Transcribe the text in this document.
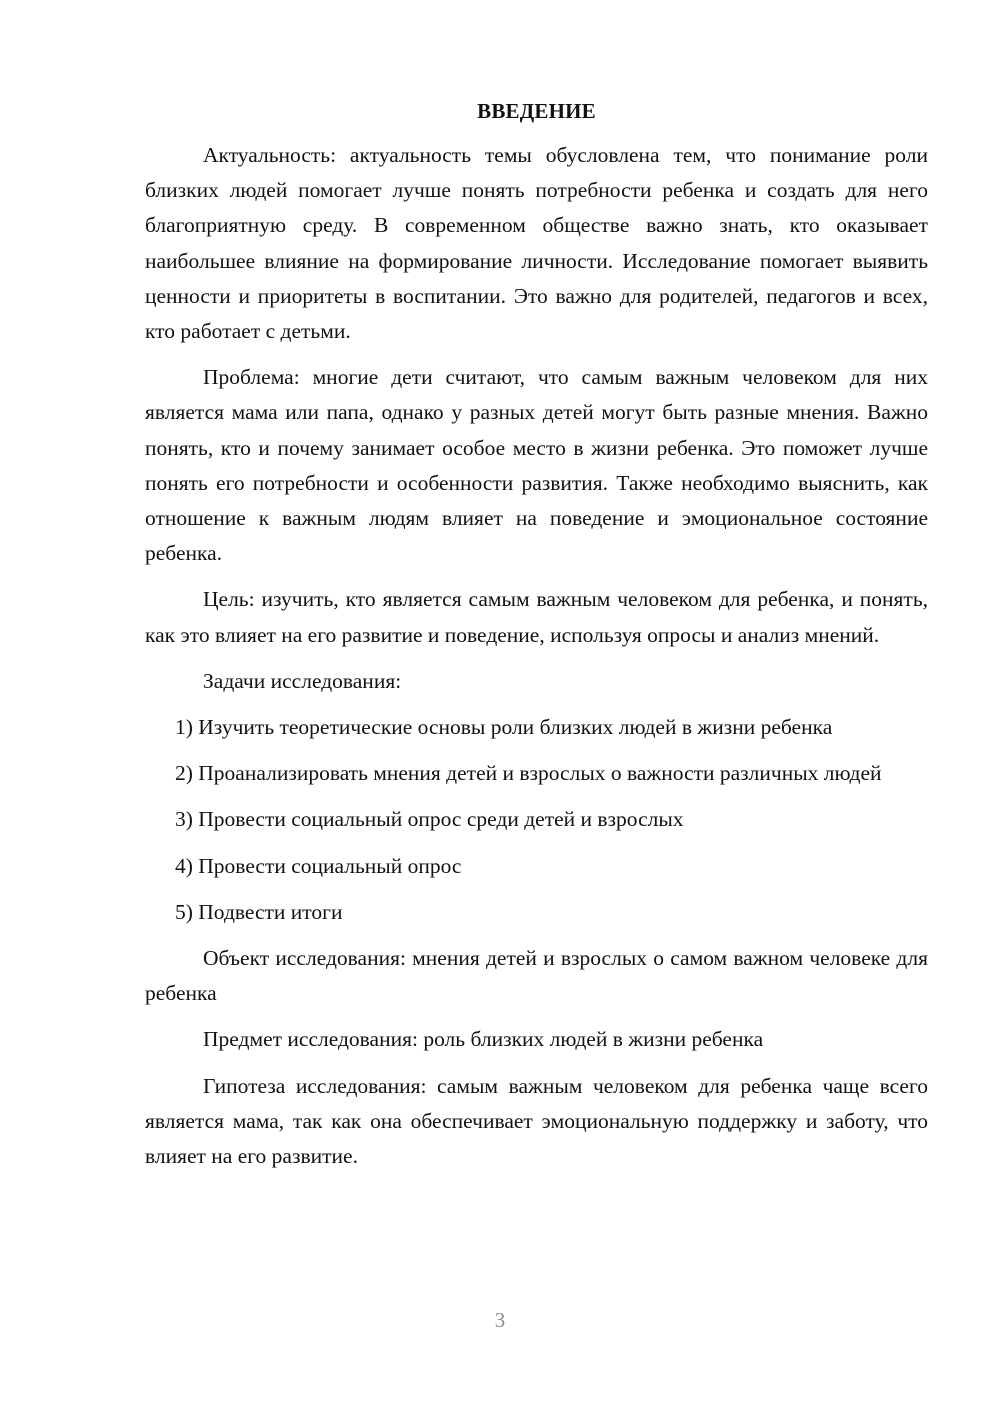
ВВЕДЕНИЕ

Актуальность: актуальность темы обусловлена тем, что понимание роли близких людей помогает лучше понять потребности ребенка и создать для него благоприятную среду. В современном обществе важно знать, кто оказывает наибольшее влияние на формирование личности. Исследование помогает выявить ценности и приоритеты в воспитании. Это важно для родителей, педагогов и всех, кто работает с детьми.

Проблема: многие дети считают, что самым важным человеком для них является мама или папа, однако у разных детей могут быть разные мнения. Важно понять, кто и почему занимает особое место в жизни ребенка. Это поможет лучше понять его потребности и особенности развития. Также необходимо выяснить, как отношение к важным людям влияет на поведение и эмоциональное состояние ребенка.

Цель: изучить, кто является самым важным человеком для ребенка, и понять, как это влияет на его развитие и поведение, используя опросы и анализ мнений.

Задачи исследования:

1) Изучить теоретические основы роли близких людей в жизни ребенка

2) Проанализировать мнения детей и взрослых о важности различных людей

3) Провести социальный опрос среди детей и взрослых

4) Провести социальный опрос

5) Подвести итоги

Объект исследования: мнения детей и взрослых о самом важном человеке для ребенка

Предмет исследования: роль близких людей в жизни ребенка

Гипотеза исследования: самым важным человеком для ребенка чаще всего является мама, так как она обеспечивает эмоциональную поддержку и заботу, что влияет на его развитие.

3
